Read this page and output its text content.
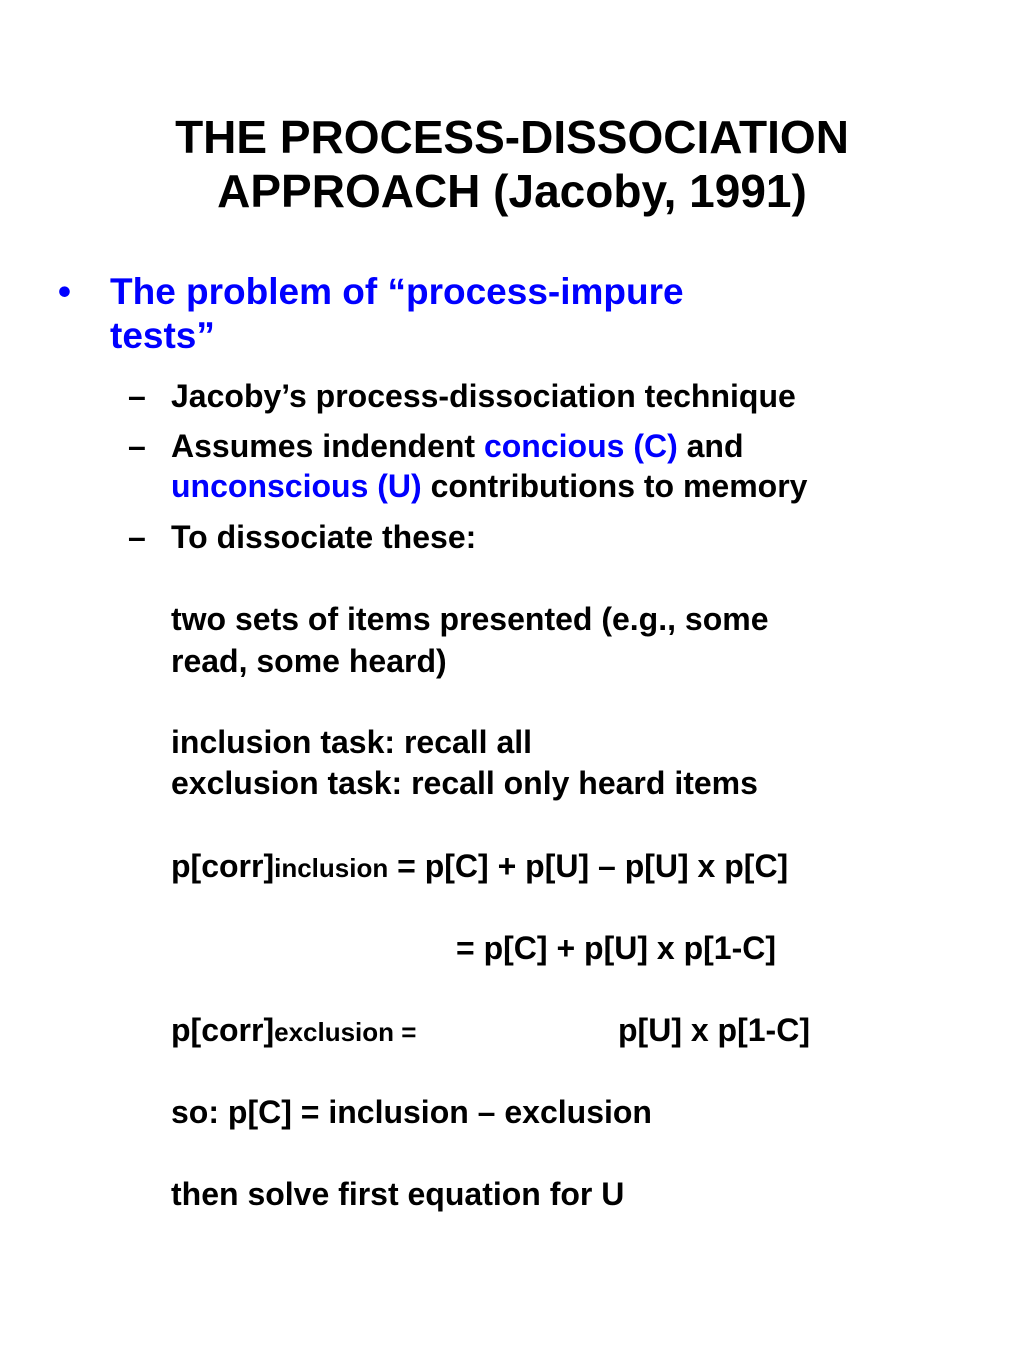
THE PROCESS-DISSOCIATION
APPROACH (Jacoby, 1991)
• The problem of “process-impure
tests”
– Jacoby’s process-dissociation technique
– Assumes indendent concious (C) and
unconscious (U) contributions to memory
– To dissociate these:
two sets of items presented (e.g., some
read, some heard)
inclusion task: recall all
exclusion task: recall only heard items
p[corr]inclusion = p[C] + p[U] – p[U] x p[C]
= p[C] + p[U] x p[1-C]
p[corr]exclusion =	p[U] x p[1-C]
so: p[C] = inclusion – exclusion
then solve first equation for U
